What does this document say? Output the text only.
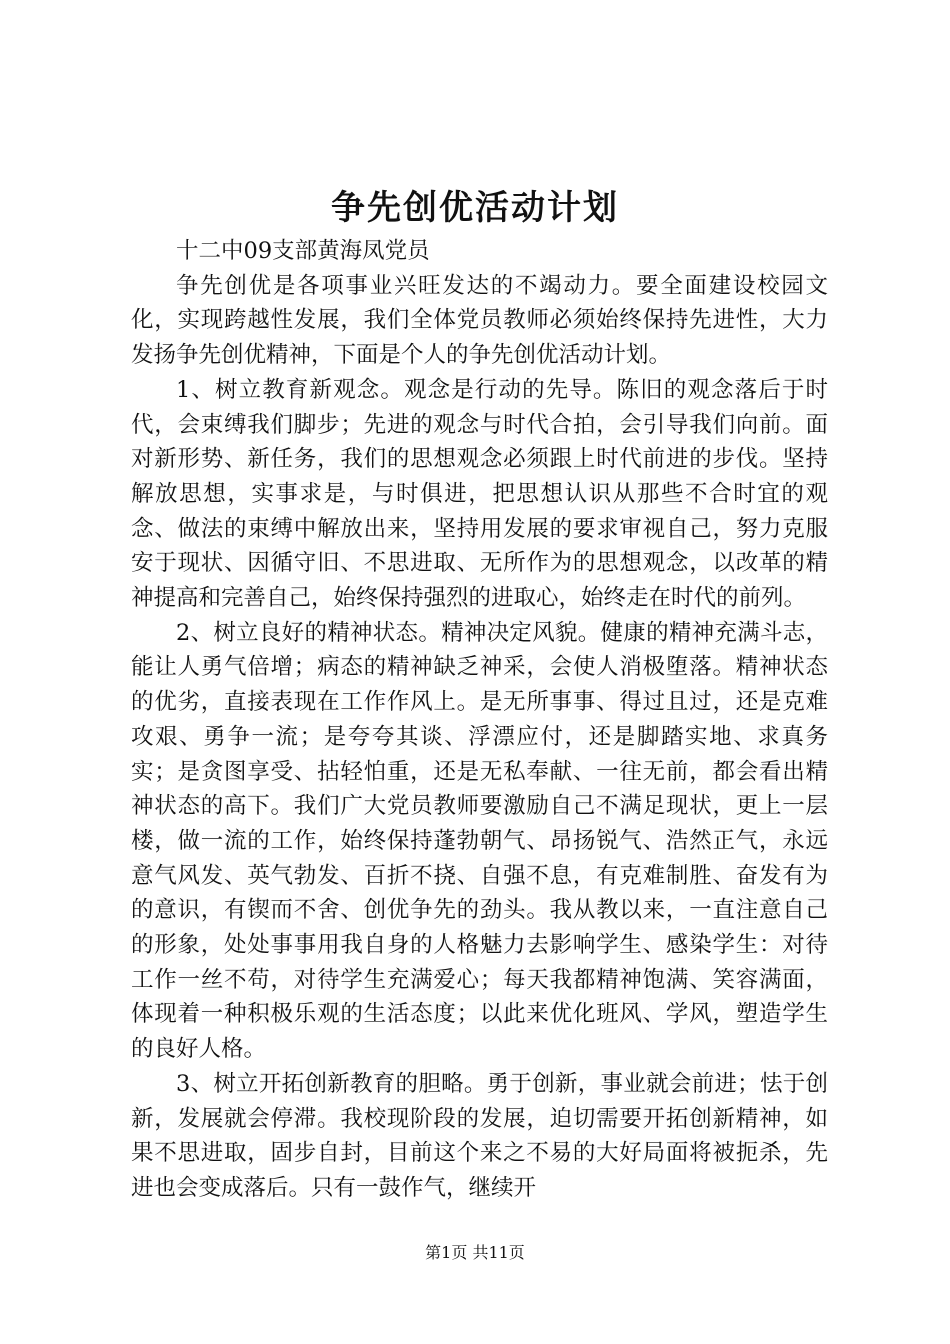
争先创优活动计划

十二中09支部黄海凤党员

争先创优是各项事业兴旺发达的不竭动力。要全面建设校园文化，实现跨越性发展，我们全体党员教师必须始终保持先进性，大力发扬争先创优精神，下面是个人的争先创优活动计划。

1、树立教育新观念。观念是行动的先导。陈旧的观念落后于时代，会束缚我们脚步；先进的观念与时代合拍，会引导我们向前。面对新形势、新任务，我们的思想观念必须跟上时代前进的步伐。坚持解放思想，实事求是，与时俱进，把思想认识从那些不合时宜的观念、做法的束缚中解放出来，坚持用发展的要求审视自己，努力克服安于现状、因循守旧、不思进取、无所作为的思想观念，以改革的精神提高和完善自己，始终保持强烈的进取心，始终走在时代的前列。

2、树立良好的精神状态。精神决定风貌。健康的精神充满斗志，能让人勇气倍增；病态的精神缺乏神采，会使人消极堕落。精神状态的优劣，直接表现在工作作风上。是无所事事、得过且过，还是克难攻艰、勇争一流；是夸夸其谈、浮漂应付，还是脚踏实地、求真务实；是贪图享受、拈轻怕重，还是无私奉献、一往无前，都会看出精神状态的高下。我们广大党员教师要激励自己不满足现状，更上一层楼，做一流的工作，始终保持蓬勃朝气、昂扬锐气、浩然正气，永远意气风发、英气勃发、百折不挠、自强不息，有克难制胜、奋发有为的意识，有锲而不舍、创优争先的劲头。我从教以来，一直注意自己的形象，处处事事用我自身的人格魅力去影响学生、感染学生：对待工作一丝不苟，对待学生充满爱心；每天我都精神饱满、笑容满面，体现着一种积极乐观的生活态度；以此来优化班风、学风，塑造学生的良好人格。

3、树立开拓创新教育的胆略。勇于创新，事业就会前进；怯于创新，发展就会停滞。我校现阶段的发展，迫切需要开拓创新精神，如果不思进取，固步自封，目前这个来之不易的大好局面将被扼杀，先进也会变成落后。只有一鼓作气，继续开

第1页 共11页
